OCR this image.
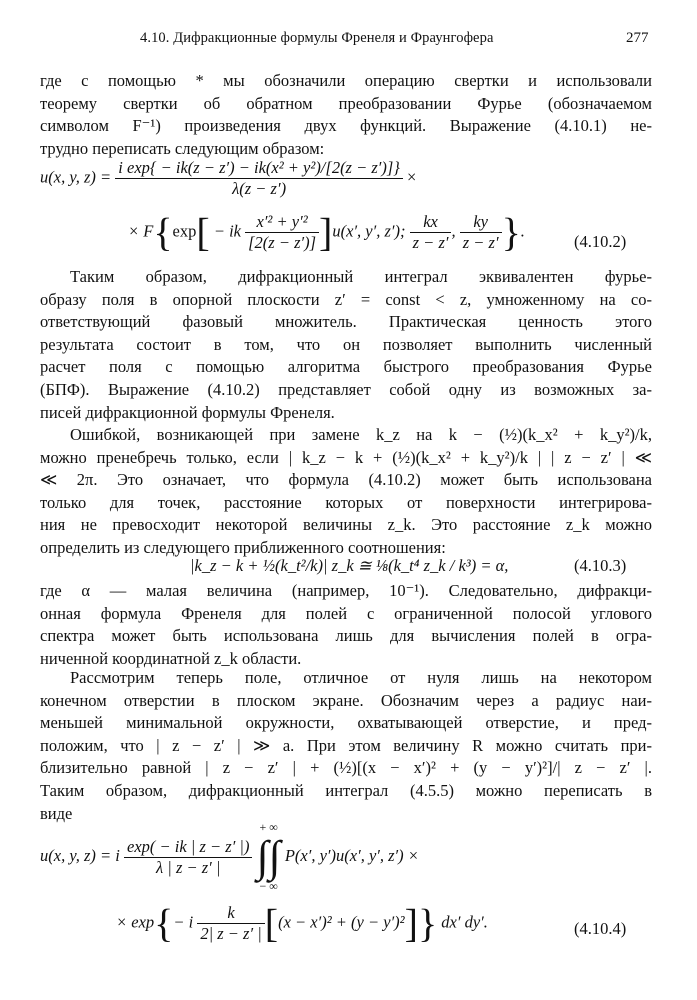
4.10. Дифракционные формулы Френеля и Фраунгофера	277
где с помощью * мы обозначили операцию свертки и использовали
теорему свертки об обратном преобразовании Фурье (обозначаемом
символом F⁻¹) произведения двух функций. Выражение (4.10.1) не-
трудно переписать следующим образом:
u(x, y, $z) = \frac{\text{i exp\{ − ik(z − z′) − ik(x² + y²)/[2(z − z′)]\}}}{\lambda(z - z')}$ ×
× F{exp[ − ik $\frac{\text{x′² + y′²}}{[2(z - z')]} ]u(x'$, y′, z′); $\frac{kx}{z - z'}$ , $\frac{ky}{z - z'}$ }.
(4.10.2)
Таким образом, дифракционный интеграл эквивалентен фурье-
образу поля в опорной плоскости z′ = const < z, умноженному на со-
ответствующий фазовый множитель. Практическая ценность этого
результата состоит в том, что он позволяет выполнить численный
расчет поля с помощью алгоритма быстрого преобразования Фурье
(БПФ). Выражение (4.10.2) представляет собой одну из возможных за-
писей дифракционной формулы Френеля.
Ошибкой, возникающей при замене k_z на k − (½)(k_x² + k_y²)/k,
можно пренебречь только, если | k_z − k + (½)(k_x² + k_y²)/k | | z − z′ | ≪
≪ 2π. Это означает, что формула (4.10.2) может быть использована
только для точек, расстояние которых от поверхности интегрирова-
ния не превосходит некоторой величины z_k. Это расстояние z_k можно
определить из следующего приближенного соотношения:
|k_z − k + ½(k_t²/k)| z_k ≅ ⅛(k_t⁴ z_k / k³) = α,	(4.10.3)
где α — малая величина (например, 10⁻¹). Следовательно, дифракци-
онная формула Френеля для полей с ограниченной полосой углового
спектра может быть использована лишь для вычисления полей в огра-
ниченной координатной z_k области.
Рассмотрим теперь поле, отличное от нуля лишь на некотором
конечном отверстии в плоском экране. Обозначим через a радиус наи-
меньшей минимальной окружности, охватывающей отверстие, и пред-
положим, что | z − z′ | ≫ a. При этом величину R можно считать при-
близительно равной | z − z′ | + (½)[(x − x′)² + (y − y′)²]/| z − z′ |.
Таким образом, дифракционный интеграл (4.5.5) можно переписать в
виде
u(x, y, z) = i $\frac{\exp( - ik | z - z' |)}{\lambda | z - z' |}$

+ ∞
∫∫
− ∞
P(x′, y′)u(x′, y′, z′) ×
× exp{− i $\frac{k}{2| z - z' |} [(x - x')^2 + (y - y')^2]$} dx′ dy′.	(4.10.4)
